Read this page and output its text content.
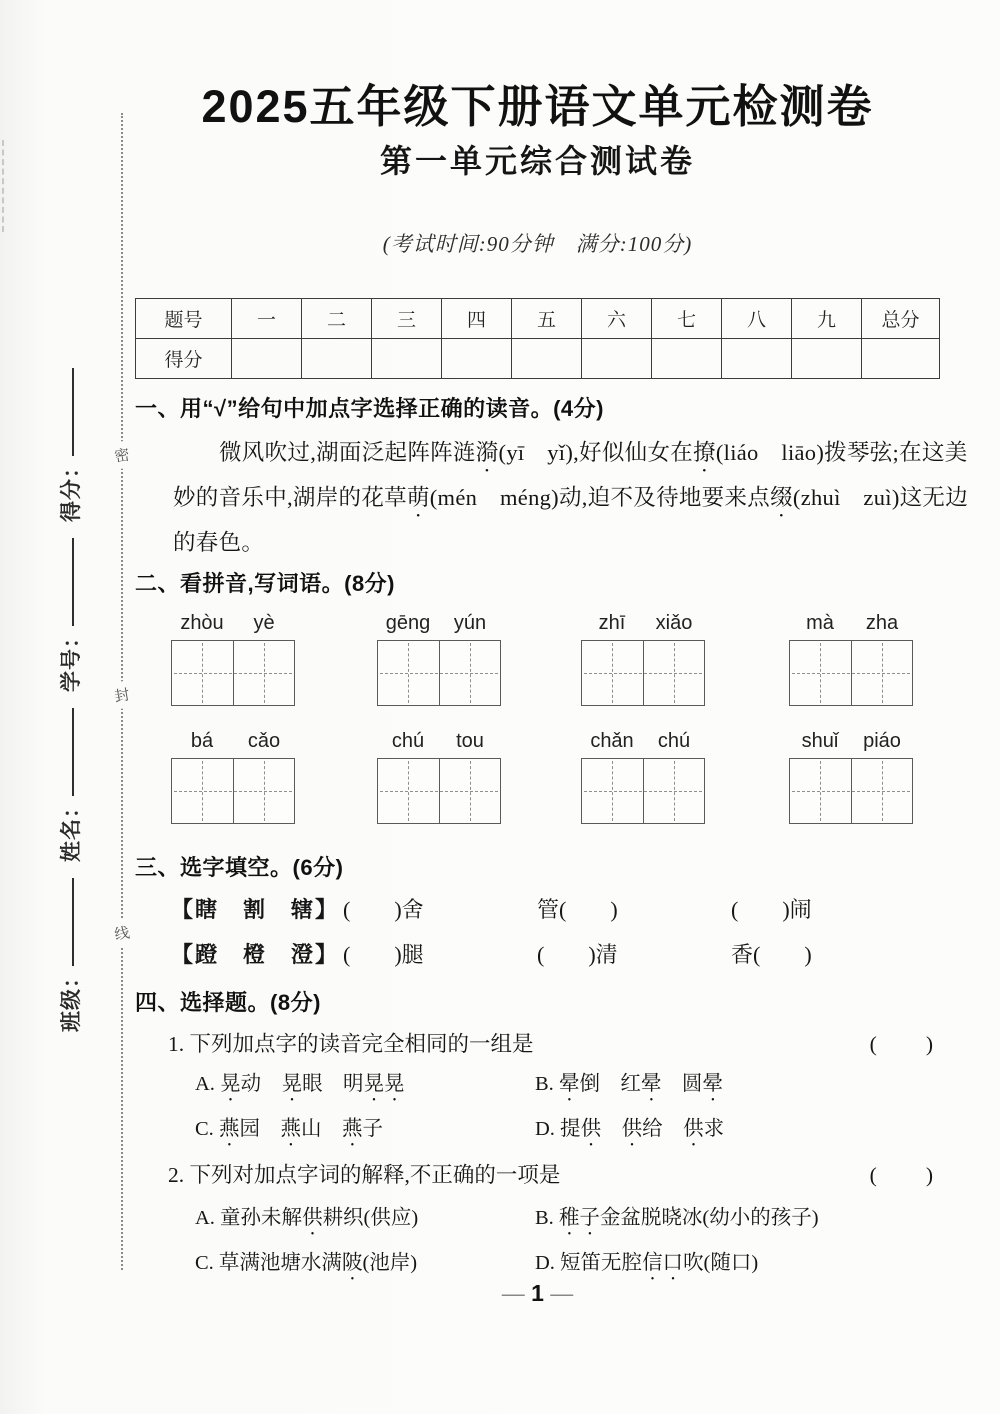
班级：姓名：学号：得分：
密
封
线
2025五年级下册语文单元检测卷
第一单元综合测试卷

(考试时间:90分钟　满分:100分)

题号	一	二	三	四	五	六	七	八	九	总分
得分										
一、用“√”给句中加点字选择正确的读音。(4分)
微风吹过,湖面泛起阵阵涟漪(yī　yǐ),好似仙女在撩(liáo　liāo)拨琴弦;在这美
妙的音乐中,湖岸的花草萌(mén　méng)动,迫不及待地要来点缀(zhuì　zuì)这无边
的春色。
二、看拼音,写词语。(8分)
zhòu	yè	gēng	yún	zhī	xiǎo	mà	zha
bá	cǎo	chú	tou	chǎn	chú	shuǐ	piáo
三、选字填空。(6分)
【瞎　割　辖】 (　　)舍	管(　　)	(　　)闹
【蹬　橙　澄】 (　　)腿	(　　)清	香(　　)
四、选择题。(8分)
1. 下列加点字的读音完全相同的一组是	(　　)
A. 晃动　晃眼　明晃晃	B. 晕倒　红晕　圆晕
C. 燕园　燕山　燕子	D. 提供　 供给　供求
2. 下列对加点字词的解释,不正确的一项是	(　　)
A. 童孙未解供耕织(供应)	B. 稚子金盆脱晓冰(幼小的孩子)
C. 草满池塘水满陂(池岸)	D. 短笛无腔信口吹(随口)
— 1 —
